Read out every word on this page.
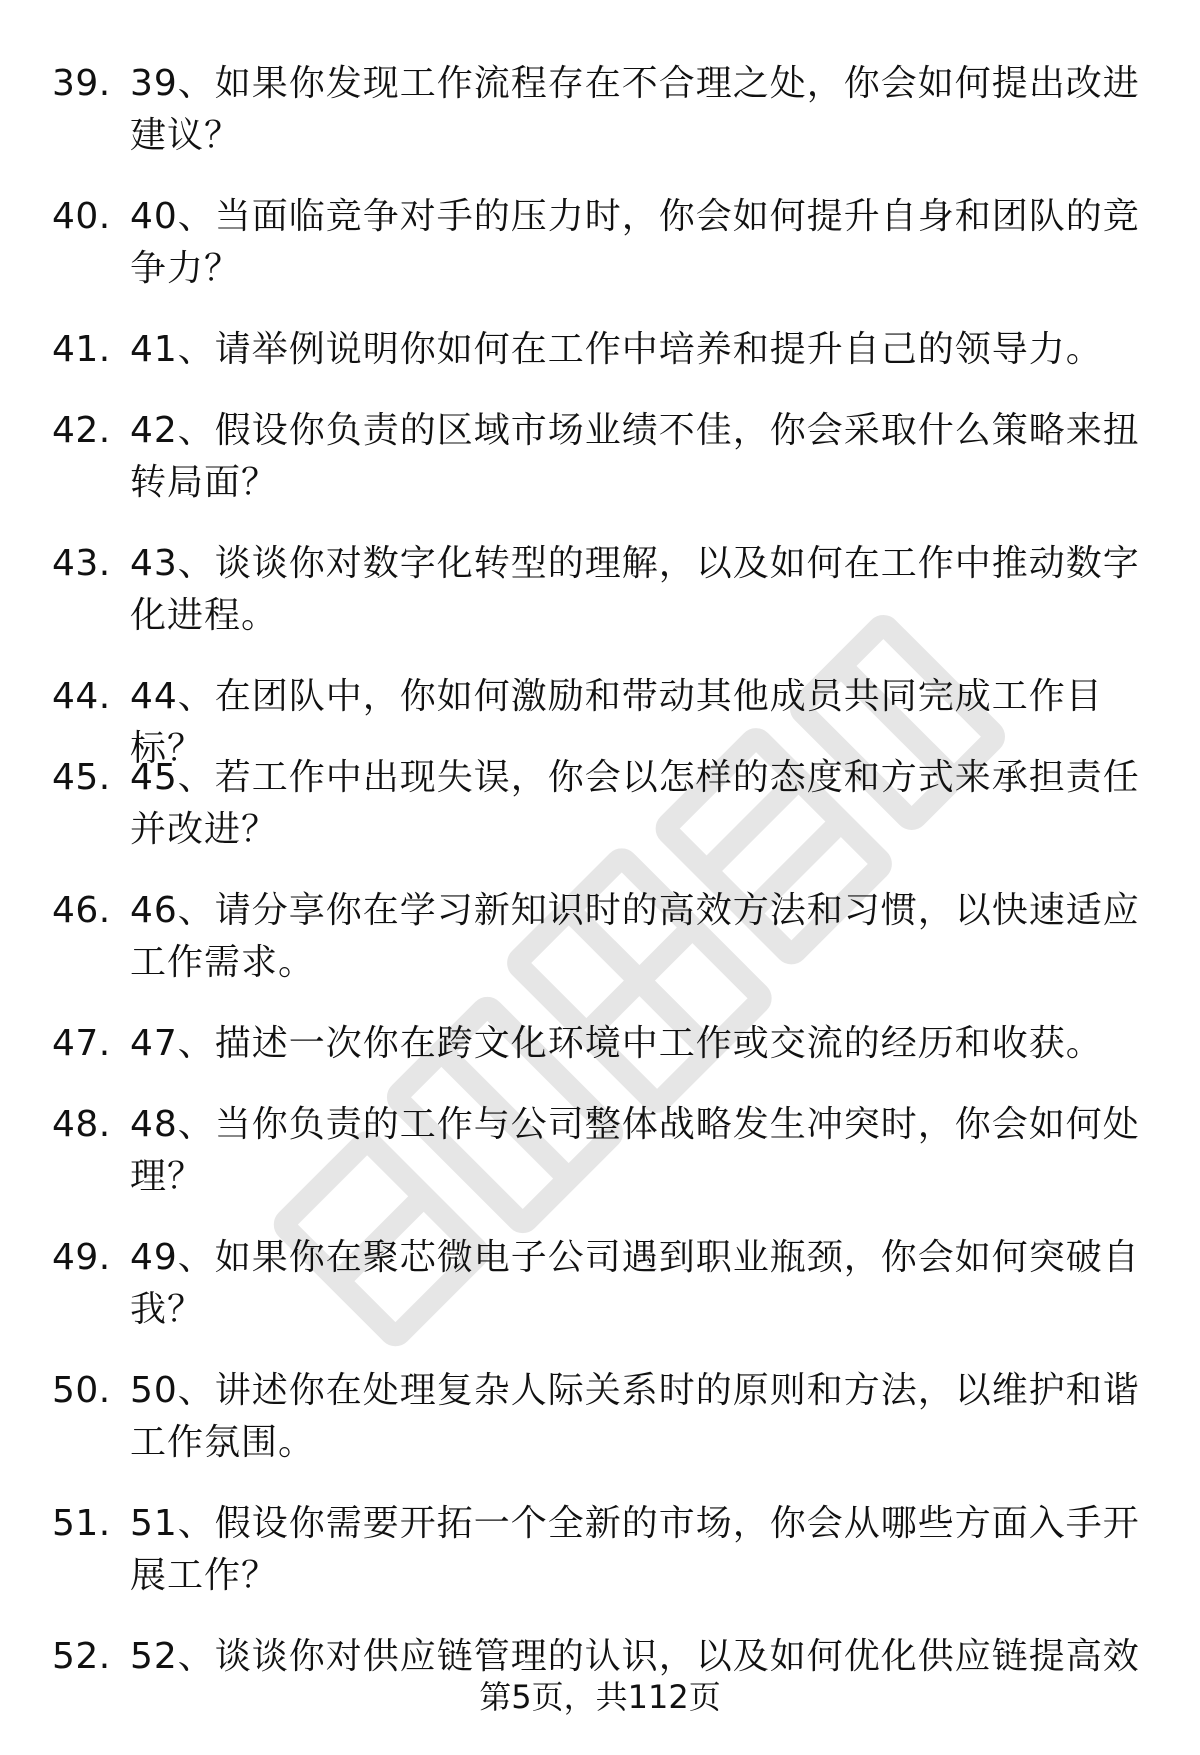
39. 39、如果你发现工作流程存在不合理之处，你会如何提出改进建议？
40. 40、当面临竞争对手的压力时，你会如何提升自身和团队的竞争力？
41. 41、请举例说明你如何在工作中培养和提升自己的领导力。
42. 42、假设你负责的区域市场业绩不佳，你会采取什么策略来扭转局面？
43. 43、谈谈你对数字化转型的理解，以及如何在工作中推动数字化进程。
44. 44、在团队中，你如何激励和带动其他成员共同完成工作目标？
45. 45、若工作中出现失误，你会以怎样的态度和方式来承担责任并改进？
46. 46、请分享你在学习新知识时的高效方法和习惯，以快速适应工作需求。
47. 47、描述一次你在跨文化环境中工作或交流的经历和收获。
48. 48、当你负责的工作与公司整体战略发生冲突时，你会如何处理？
49. 49、如果你在聚芯微电子公司遇到职业瓶颈，你会如何突破自我？
50. 50、讲述你在处理复杂人际关系时的原则和方法，以维护和谐工作氛围。
51. 51、假设你需要开拓一个全新的市场，你会从哪些方面入手开展工作？
52. 52、谈谈你对供应链管理的认识，以及如何优化供应链提高效
第5页，共112页
